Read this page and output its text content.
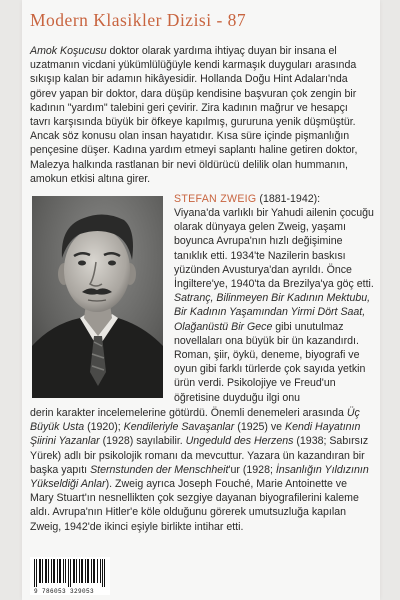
Modern Klasikler Dizisi - 87

Amok Koşucusu doktor olarak yardıma ihtiyaç duyan bir insana el uzatmanın vicdani yükümlülüğüyle kendi karmaşık duyguları arasında sıkışıp kalan bir adamın hikâyesidir. Hollanda Doğu Hint Adaları'nda görev yapan bir doktor, dara düşüp kendisine başvuran çok zengin bir kadının "yardım" talebini geri çevirir. Zira kadının mağrur ve hesapçı tavrı karşısında büyük bir öfkeye kapılmış, gururuna yenik düşmüştür. Ancak söz konusu olan insan hayatıdır. Kısa süre içinde pişmanlığın pençesine düşer. Kadına yardım etmeyi saplantı haline getiren doktor, Malezya halkında rastlanan bir nevi öldürücü delilik olan hummanın, amokun etkisi altına girer.

STEFAN ZWEIG (1881-1942):

Viyana'da varlıklı bir Yahudi ailenin çocuğu olarak dünyaya gelen Zweig, yaşamı boyunca Avrupa'nın hızlı değişimine tanıklık etti. 1934'te Nazilerin baskısı yüzünden Avusturya'dan ayrıldı. Önce İngiltere'ye, 1940'ta da Brezilya'ya göç etti. Satranç, Bilinmeyen Bir Kadının Mektubu, Bir Kadının Yaşamından Yirmi Dört Saat, Olağanüstü Bir Gece gibi unutulmaz novellaları ona büyük bir ün kazandırdı. Roman, şiir, öykü, deneme, biyografi ve oyun gibi farklı türlerde çok sayıda yetkin ürün verdi. Psikolojiye ve Freud'un öğretisine duyduğu ilgi onu

derin karakter incelemelerine götürdü. Önemli denemeleri arasında Üç Büyük Usta (1920); Kendileriyle Savaşanlar (1925) ve Kendi Hayatının Şiirini Yazanlar (1928) sayılabilir. Ungeduld des Herzens (1938; Sabırsız Yürek) adlı bir psikolojik romanı da mevcuttur. Yazara ün kazandıran bir başka yapıtı Sternstunden der Menschheit'ur (1928; İnsanlığın Yıldızının Yükseldiği Anlar). Zweig ayrıca Joseph Fouché, Marie Antoinette ve Mary Stuart'ın nesnellikten çok sezgiye dayanan biyografilerini kaleme aldı. Avrupa'nın Hitler'e köle olduğunu görerek umutsuzluğa kapılan Zweig, 1942'de ikinci eşiyle birlikte intihar etti.

9 786053 329053
